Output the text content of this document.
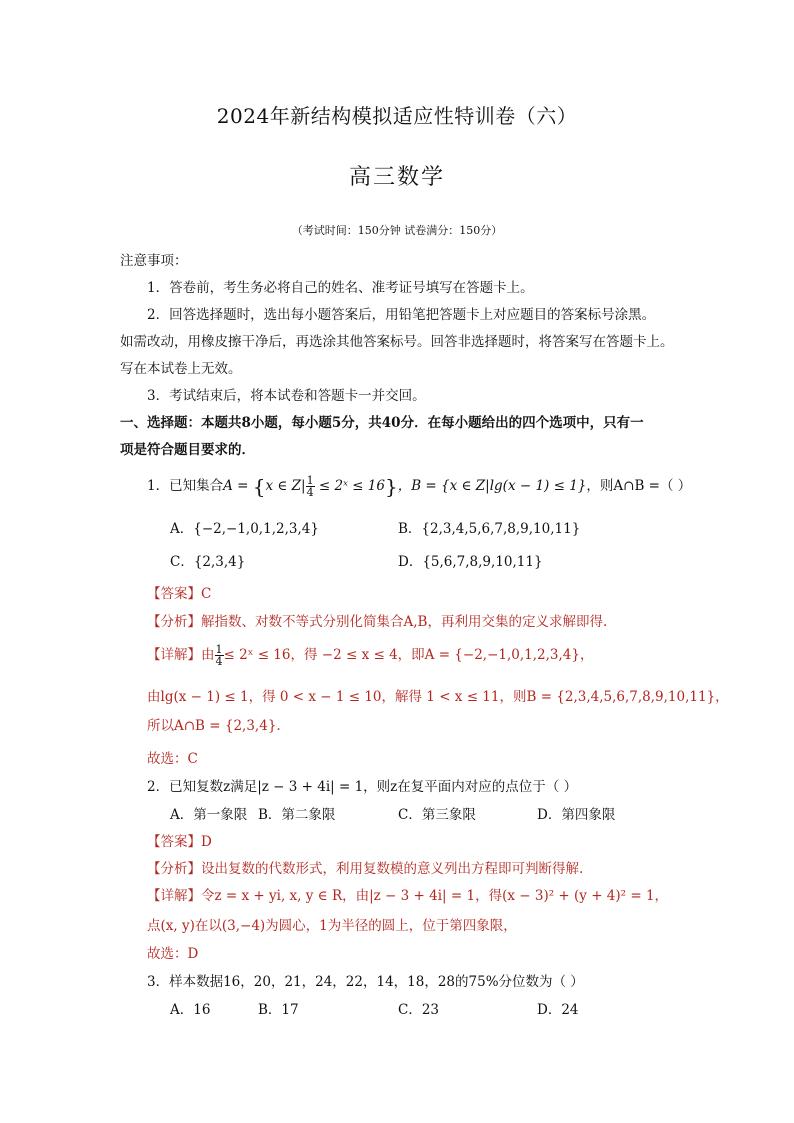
2024年新结构模拟适应性特训卷（六）
高三数学
（考试时间：150分钟 试卷满分：150分）
注意事项：
1．答卷前，考生务必将自己的姓名、准考证号填写在答题卡上。
2．回答选择题时，选出每小题答案后，用铅笔把答题卡上对应题目的答案标号涂黑。
如需改动，用橡皮擦干净后，再选涂其他答案标号。回答非选择题时，将答案写在答题卡上。
写在本试卷上无效。
3．考试结束后，将本试卷和答题卡一并交回。
一、选择题：本题共8小题，每小题5分，共40分．在每小题给出的四个选项中，只有一
项是符合题目要求的．
1．已知集合A = {x ∈ $Z| \frac{1}{4}$ ≤ 2ˣ ≤ 16}，B = {x ∈ Z|lg(x − 1) ≤ 1}，则A∩B =（ ）
A．{−2,−1,0,1,2,3,4}	B．{2,3,4,5,6,7,8,9,10,11}
C．{2,3,4}	D．{5,6,7,8,9,10,11}
【答案】C
【分析】解指数、对数不等式分别化简集合A,B，再利用交集的定义求解即得.
【详解】由 $\frac{1}{4}$ ≤ 2ˣ ≤ 16，得 −2 ≤ x ≤ 4，即A = {−2,−1,0,1,2,3,4}，
由lg(x − 1) ≤ 1，得 0 < x − 1 ≤ 10，解得 1 < x ≤ 11，则B = {2,3,4,5,6,7,8,9,10,11}，
所以A∩B = {2,3,4}.
故选：C
2．已知复数z满足|z − 3 + 4i| = 1，则z在复平面内对应的点位于（ ）
A．第一象限 B．第二象限	C．第三象限	D．第四象限
【答案】D
【分析】设出复数的代数形式，利用复数模的意义列出方程即可判断得解.
【详解】令z = x + yi, x, y ∈ R，由|z − 3 + 4i| = 1，得(x − 3)² + (y + 4)² = 1，
点(x, y)在以(3,−4)为圆心，1为半径的圆上，位于第四象限，
故选：D
3．样本数据16，20，21，24，22，14，18，28的75%分位数为（ ）
A．16	B．17	C．23	D．24
